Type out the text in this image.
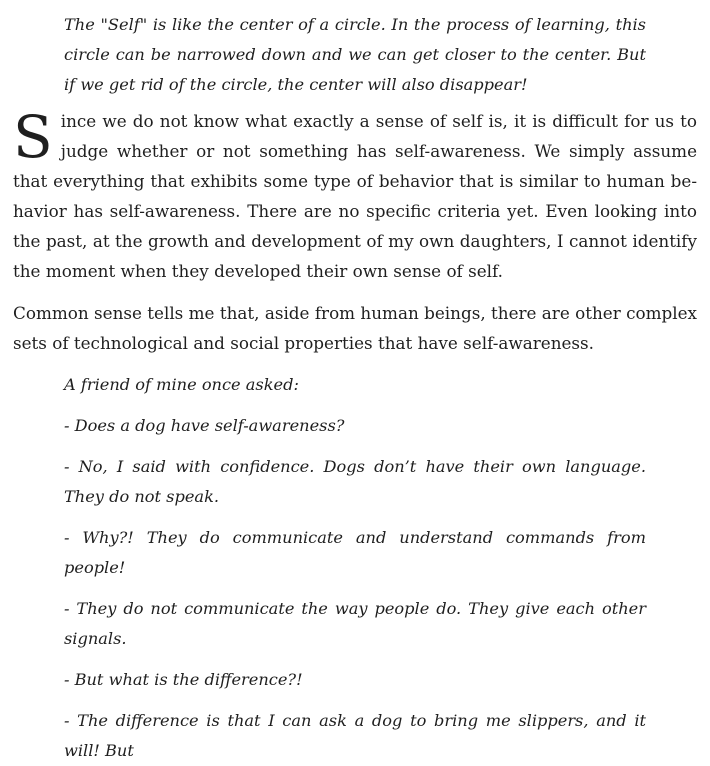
The "Self" is like the center of a circle. In the process of learning, this circle can be narrowed down and we can get closer to the center. But if we get rid of the circle, the center will also disappear!

Since we do not know what exactly a sense of self is, it is difficult for us to judge whether or not something has self-awareness. We simply assume that everything that exhibits some type of behavior that is similar to human behavior has self-awareness. There are no specific criteria yet. Even looking into the past, at the growth and development of my own daughters, I cannot identify the moment when they developed their own sense of self.

Common sense tells me that, aside from human beings, there are other complex sets of technological and social properties that have self-awareness.

A friend of mine once asked:

- Does a dog have self-awareness?

- No, I said with confidence. Dogs don’t have their own language. They do not speak.

- Why?! They do communicate and understand commands from people!

- They do not communicate the way people do. They give each other signals.

- But what is the difference?!

- The difference is that I can ask a dog to bring me slippers, and it will! But
